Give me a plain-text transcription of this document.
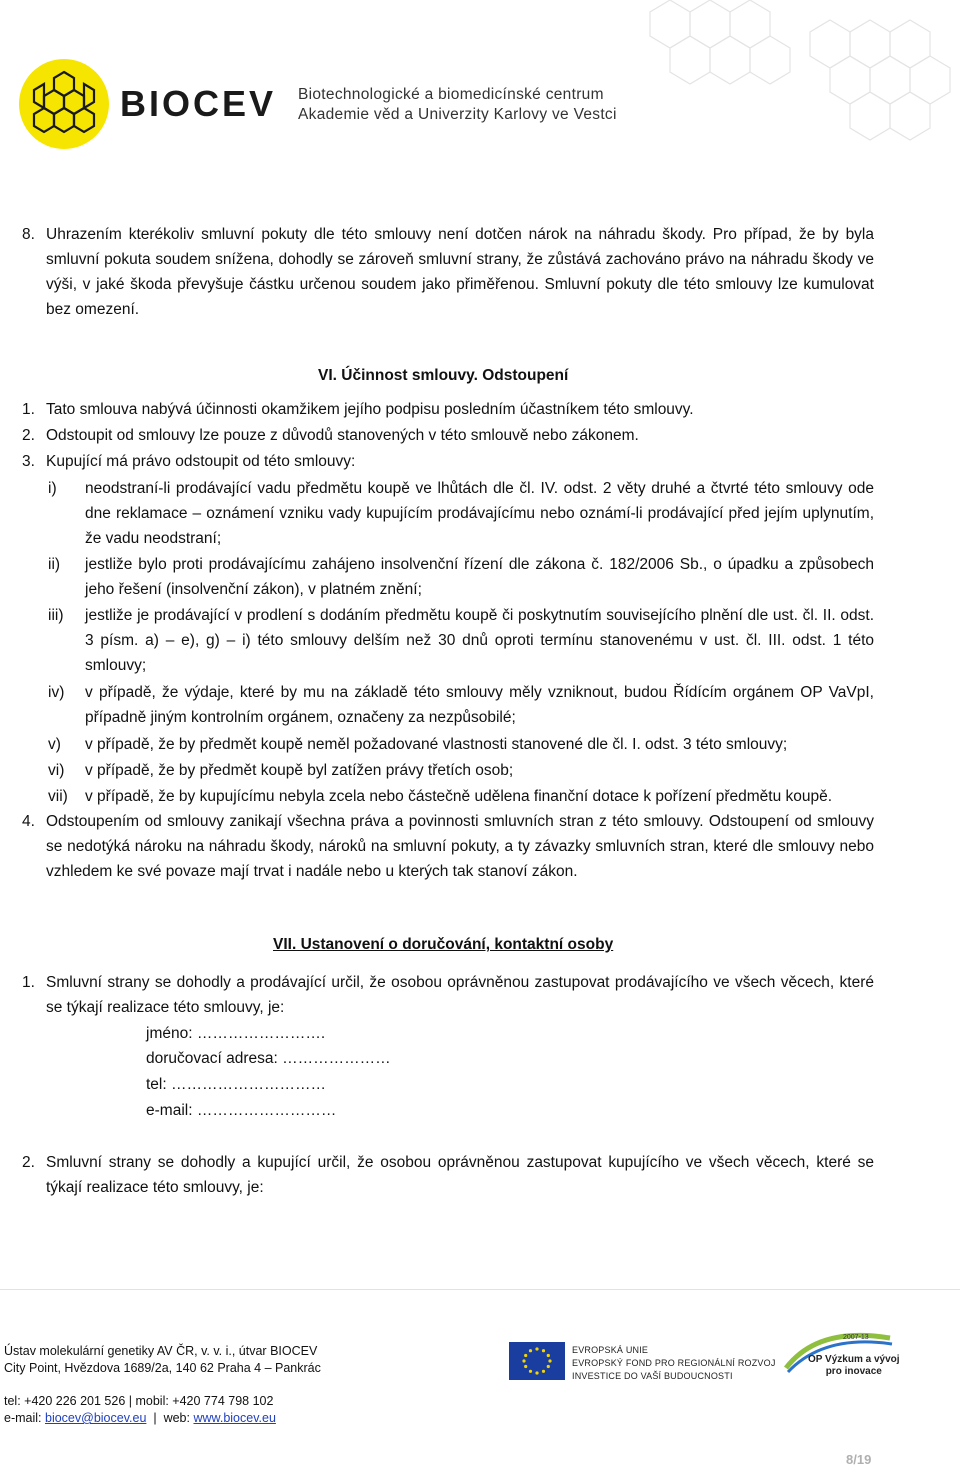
BIOCEV Biotechnologické a biomedicínské centrum
Akademie věd a Univerzity Karlovy ve Vestci
8. Uhrazením kterékoliv smluvní pokuty dle této smlouvy není dotčen nárok na náhradu škody. Pro případ, že by byla smluvní pokuta soudem snížena, dohodly se zároveň smluvní strany, že zůstává zachováno právo na náhradu škody ve výši, v jaké škoda převyšuje částku určenou soudem jako přiměřenou. Smluvní pokuty dle této smlouvy lze kumulovat bez omezení.
VI. Účinnost smlouvy. Odstoupení
1. Tato smlouva nabývá účinnosti okamžikem jejího podpisu posledním účastníkem této smlouvy.
2. Odstoupit od smlouvy lze pouze z důvodů stanovených v této smlouvě nebo zákonem.
3. Kupující má právo odstoupit od této smlouvy:
i) neodstraní-li prodávající vadu předmětu koupě ve lhůtách dle čl. IV. odst. 2 věty druhé a čtvrté této smlouvy ode dne reklamace – oznámení vzniku vady kupujícím prodávajícímu nebo oznámí-li prodávající před jejím uplynutím, že vadu neodstraní;
ii) jestliže bylo proti prodávajícímu zahájeno insolvenční řízení dle zákona č. 182/2006 Sb., o úpadku a způsobech jeho řešení (insolvenční zákon), v platném znění;
iii) jestliže je prodávající v prodlení s dodáním předmětu koupě či poskytnutím souvisejícího plnění dle ust. čl. II. odst. 3 písm. a) – e), g) – i) této smlouvy delším než 30 dnů oproti termínu stanovenému v ust. čl. III. odst. 1 této smlouvy;
iv) v případě, že výdaje, které by mu na základě této smlouvy měly vzniknout, budou Řídícím orgánem OP VaVpI, případně jiným kontrolním orgánem, označeny za nezpůsobilé;
v) v případě, že by předmět koupě neměl požadované vlastnosti stanovené dle čl. I. odst. 3 této smlouvy;
vi) v případě, že by předmět koupě byl zatížen právy třetích osob;
vii) v případě, že by kupujícímu nebyla zcela nebo částečně udělena finanční dotace k pořízení předmětu koupě.
4. Odstoupením od smlouvy zanikají všechna práva a povinnosti smluvních stran z této smlouvy. Odstoupení od smlouvy se nedotýká nároku na náhradu škody, nároků na smluvní pokuty, a ty závazky smluvních stran, které dle smlouvy nebo vzhledem ke své povaze mají trvat i nadále nebo u kterých tak stanoví zákon.
VII. Ustanovení o doručování, kontaktní osoby
1. Smluvní strany se dohodly a prodávající určil, že osobou oprávněnou zastupovat prodávajícího ve všech věcech, které se týkají realizace této smlouvy, je:
jméno: …………………….
doručovací adresa: …………………
tel: …………………………
e-mail: ………………………
2. Smluvní strany se dohodly a kupující určil, že osobou oprávněnou zastupovat kupujícího ve všech věcech, které se týkají realizace této smlouvy, je:
Ústav molekulární genetiky AV ČR, v. v. i., útvar BIOCEV
City Point, Hvězdova 1689/2a, 140 62 Praha 4 – Pankrác
tel: +420 226 201 526 | mobil: +420 774 798 102
e-mail: biocev@biocev.eu  |  web: www.biocev.eu
EVROPSKÁ UNIE
EVROPSKÝ FOND PRO REGIONÁLNÍ ROZVOJ
INVESTICE DO VAŠÍ BUDOUCNOSTI
2007-13
OP Výzkum a vývoj
pro inovace
8/19
